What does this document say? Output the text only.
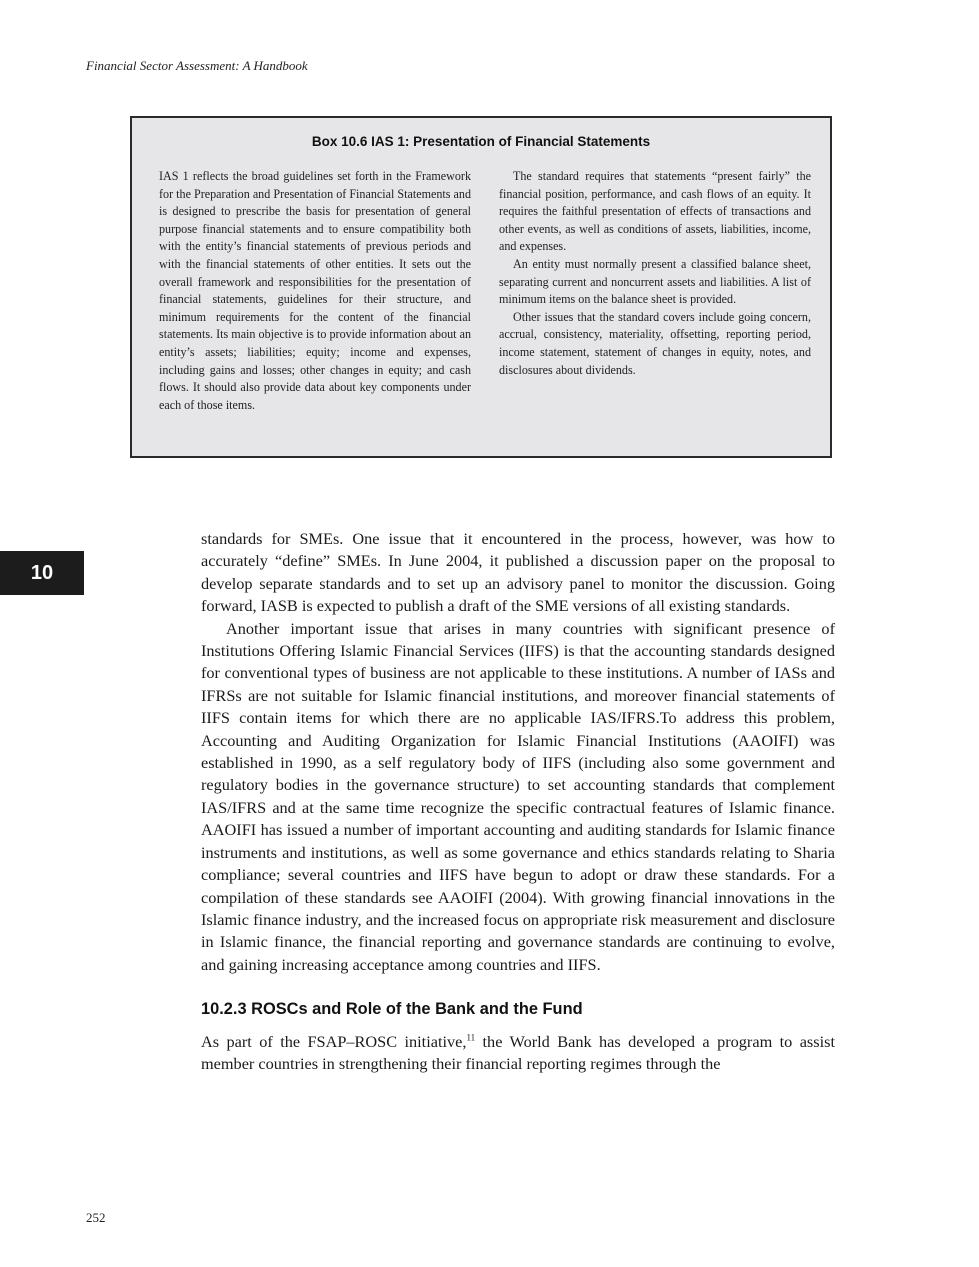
Financial Sector Assessment: A Handbook
Box 10.6 IAS 1: Presentation of Financial Statements

IAS 1 reflects the broad guidelines set forth in the Framework for the Preparation and Presentation of Financial Statements and is designed to prescribe the basis for presentation of general purpose financial statements and to ensure compatibility both with the entity’s financial statements of previous periods and with the financial statements of other entities. It sets out the overall framework and responsibilities for the presentation of financial statements, guidelines for their structure, and minimum requirements for the content of the financial statements. Its main objective is to provide information about an entity’s assets; liabilities; equity; income and expenses, including gains and losses; other changes in equity; and cash flows. It should also provide data about key components under each of those items.

The standard requires that statements “present fairly” the financial position, performance, and cash flows of an equity. It requires the faithful presentation of effects of transactions and other events, as well as conditions of assets, liabilities, income, and expenses.

An entity must normally present a classified balance sheet, separating current and noncurrent assets and liabilities. A list of minimum items on the balance sheet is provided.

Other issues that the standard covers include going concern, accrual, consistency, materiality, offsetting, reporting period, income statement, statement of changes in equity, notes, and disclosures about dividends.

10

standards for SMEs. One issue that it encountered in the process, however, was how to accurately “define” SMEs. In June 2004, it published a discussion paper on the proposal to develop separate standards and to set up an advisory panel to monitor the discussion. Going forward, IASB is expected to publish a draft of the SME versions of all existing standards.

Another important issue that arises in many countries with significant presence of Institutions Offering Islamic Financial Services (IIFS) is that the accounting standards designed for conventional types of business are not applicable to these institutions. A number of IASs and IFRSs are not suitable for Islamic financial institutions, and moreover financial statements of IIFS contain items for which there are no applicable IAS/IFRS.To address this problem, Accounting and Auditing Organization for Islamic Financial Institutions (AAOIFI) was established in 1990, as a self regulatory body of IIFS (including also some government and regulatory bodies in the governance structure) to set accounting standards that complement IAS/IFRS and at the same time recognize the specific contractual features of Islamic finance. AAOIFI has issued a number of important accounting and auditing standards for Islamic finance instruments and institutions, as well as some governance and ethics standards relating to Sharia compliance; several countries and IIFS have begun to adopt or draw these standards. For a compilation of these standards see AAOIFI (2004). With growing financial innovations in the Islamic finance industry, and the increased focus on appropriate risk measurement and disclosure in Islamic finance, the financial reporting and governance standards are continuing to evolve, and gaining increasing acceptance among countries and IIFS.

10.2.3 ROSCs and Role of the Bank and the Fund

As part of the FSAP–ROSC initiative,$^{11}$ the World Bank has developed a program to assist member countries in strengthening their financial reporting regimes through the

252
